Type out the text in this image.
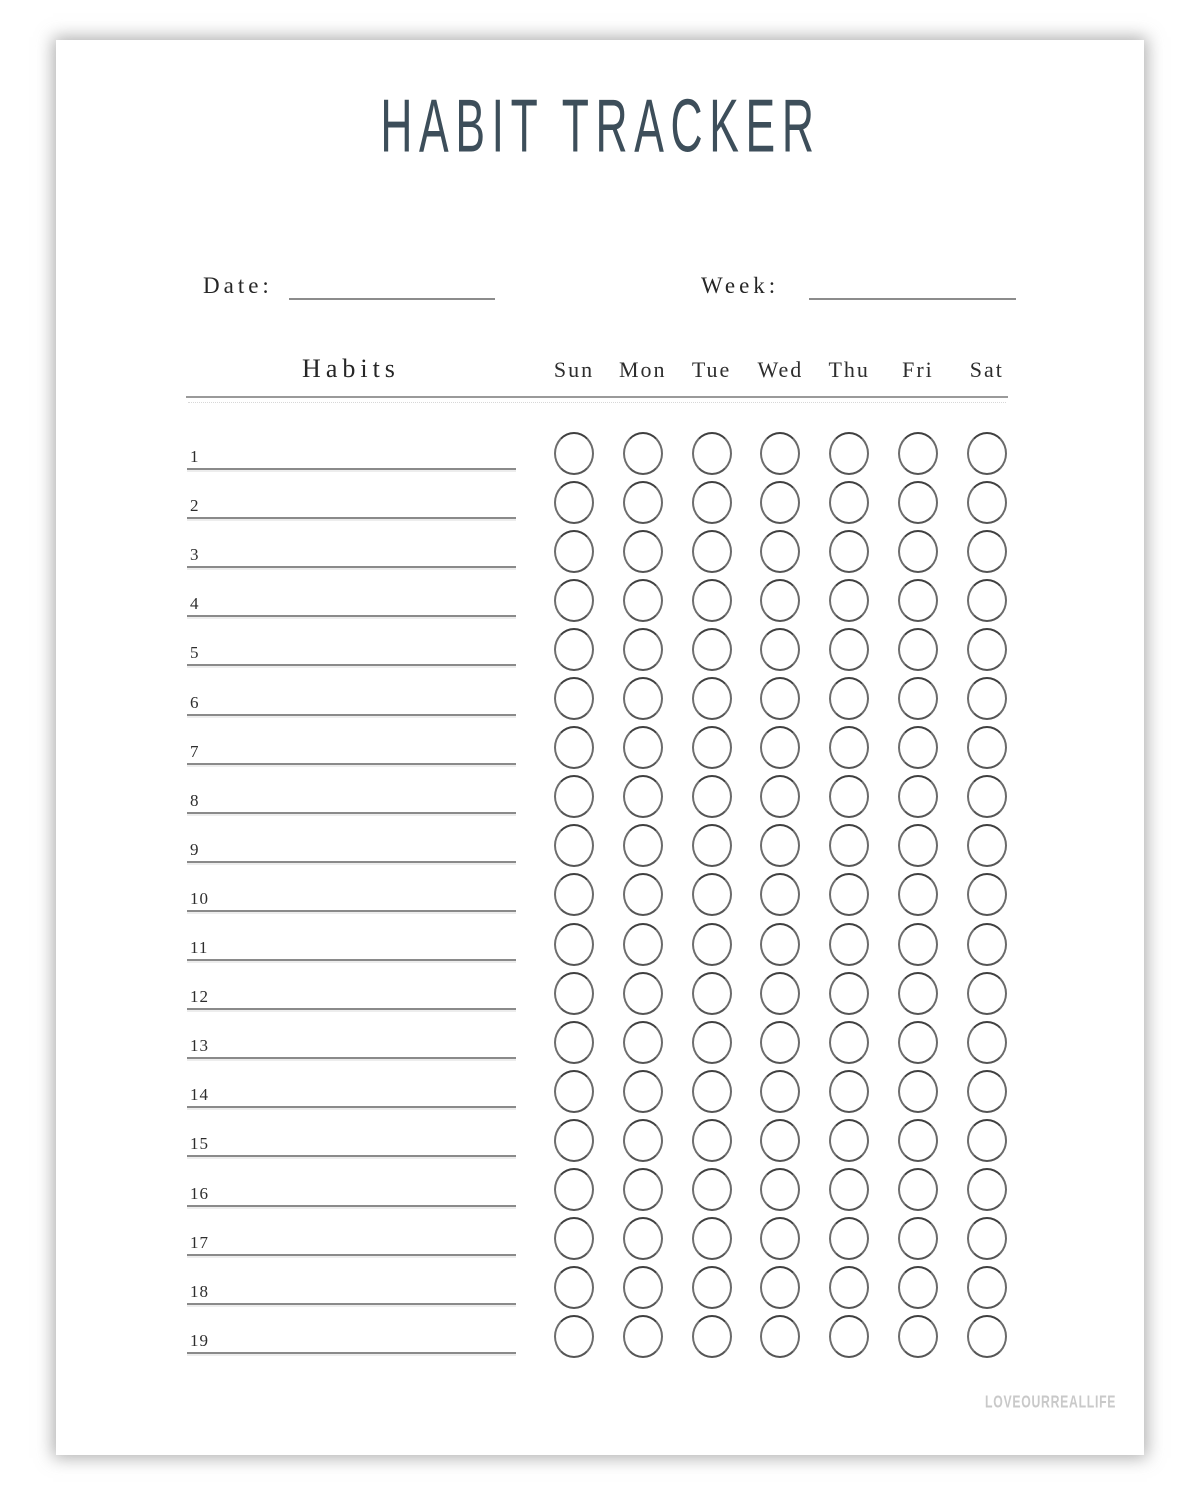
HABIT TRACKER
Date:	Week:
Habits	Sun	Mon	Tue	Wed	Thu	Fri	Sat
1
2
3
4
5
6
7
8
9
10
11
12
13
14
15
16
17
18
19
LOVEOURREALLIFE
